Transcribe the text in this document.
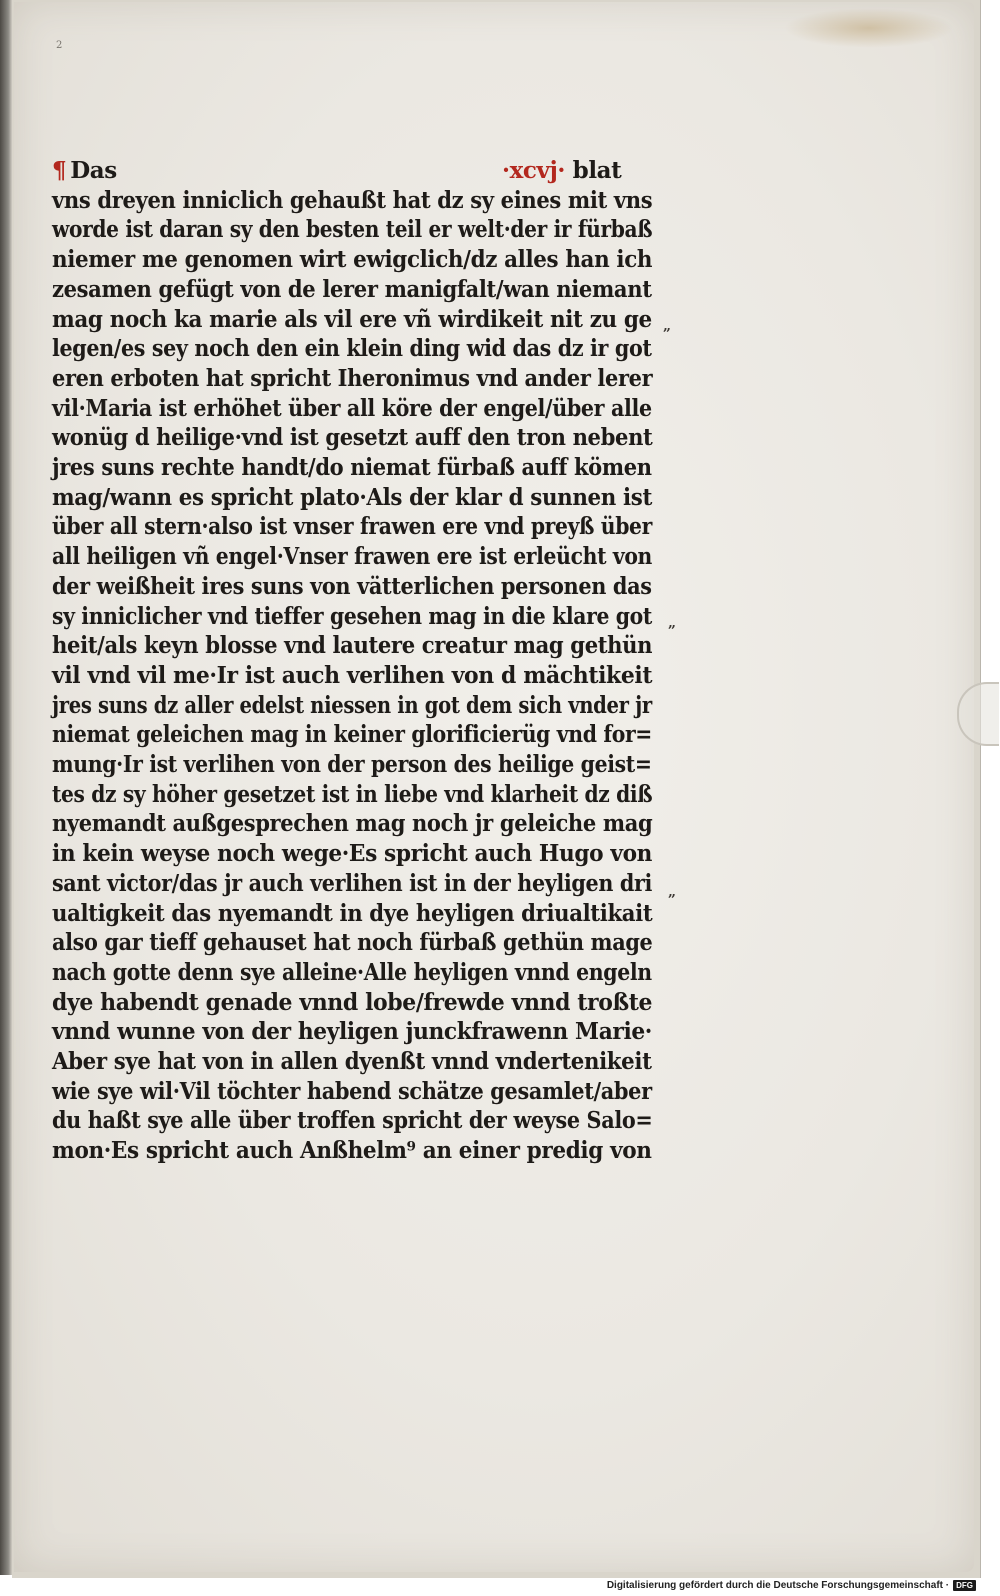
2
¶ Das	·xcvj· blat
vns dreyen inniclich gehaußt hat dz sy eines mit vns
worde ist daran sy den besten teil er welt·der ir fürbaß
niemer me genomen wirt ewigclich/dz alles han ich
zesamen gefügt von de lerer manigfalt/wan niemant
mag noch ka marie als vil ere vñ wirdikeit nit zu ge
legen/es sey noch den ein klein ding wid das dz ir got
eren erboten hat spricht Iheronimus vnd ander lerer
vil·Maria ist erhöhet über all köre der engel/über alle
wonüg d heilige·vnd ist gesetzt auff den tron nebent
jres suns rechte handt/do niemat fürbaß auff kömen
mag/wann es spricht plato·Als der klar d sunnen ist
über all stern·also ist vnser frawen ere vnd preyß über
all heiligen vñ engel·Vnser frawen ere ist erleücht von
der weißheit ires suns von vätterlichen personen das
sy inniclicher vnd tieffer gesehen mag in die klare got
heit/als keyn blosse vnd lautere creatur mag gethün
vil vnd vil me·Ir ist auch verlihen von d mächtikeit
jres suns dz aller edelst niessen in got dem sich vnder jr
niemat geleichen mag in keiner glorificierüg vnd for=
mung·Ir ist verlihen von der person des heilige geist=
tes dz sy höher gesetzet ist in liebe vnd klarheit dz diß
nyemandt außgesprechen mag noch jr geleiche mag
in kein weyse noch wege·Es spricht auch Hugo von
sant victor/das jr auch verlihen ist in der heyligen dri
ualtigkeit das nyemandt in dye heyligen driualtikait
also gar tieff gehauset hat noch fürbaß gethün mage
nach gotte denn sye alleine·Alle heyligen vnnd engeln
dye habendt genade vnnd lobe/frewde vnnd troßte
vnnd wunne von der heyligen junckfrawenn Marie·
Aber sye hat von in allen dyenßt vnnd vndertenikeit
wie sye wil·Vil töchter habend schätze gesamlet/aber
du haßt sye alle über troffen spricht der weyse Salo=
mon·Es spricht auch Anßhelm⁹ an einer predig von
„
„
„
Digitalisierung gefördert durch die Deutsche Forschungsgemeinschaft · DFG
